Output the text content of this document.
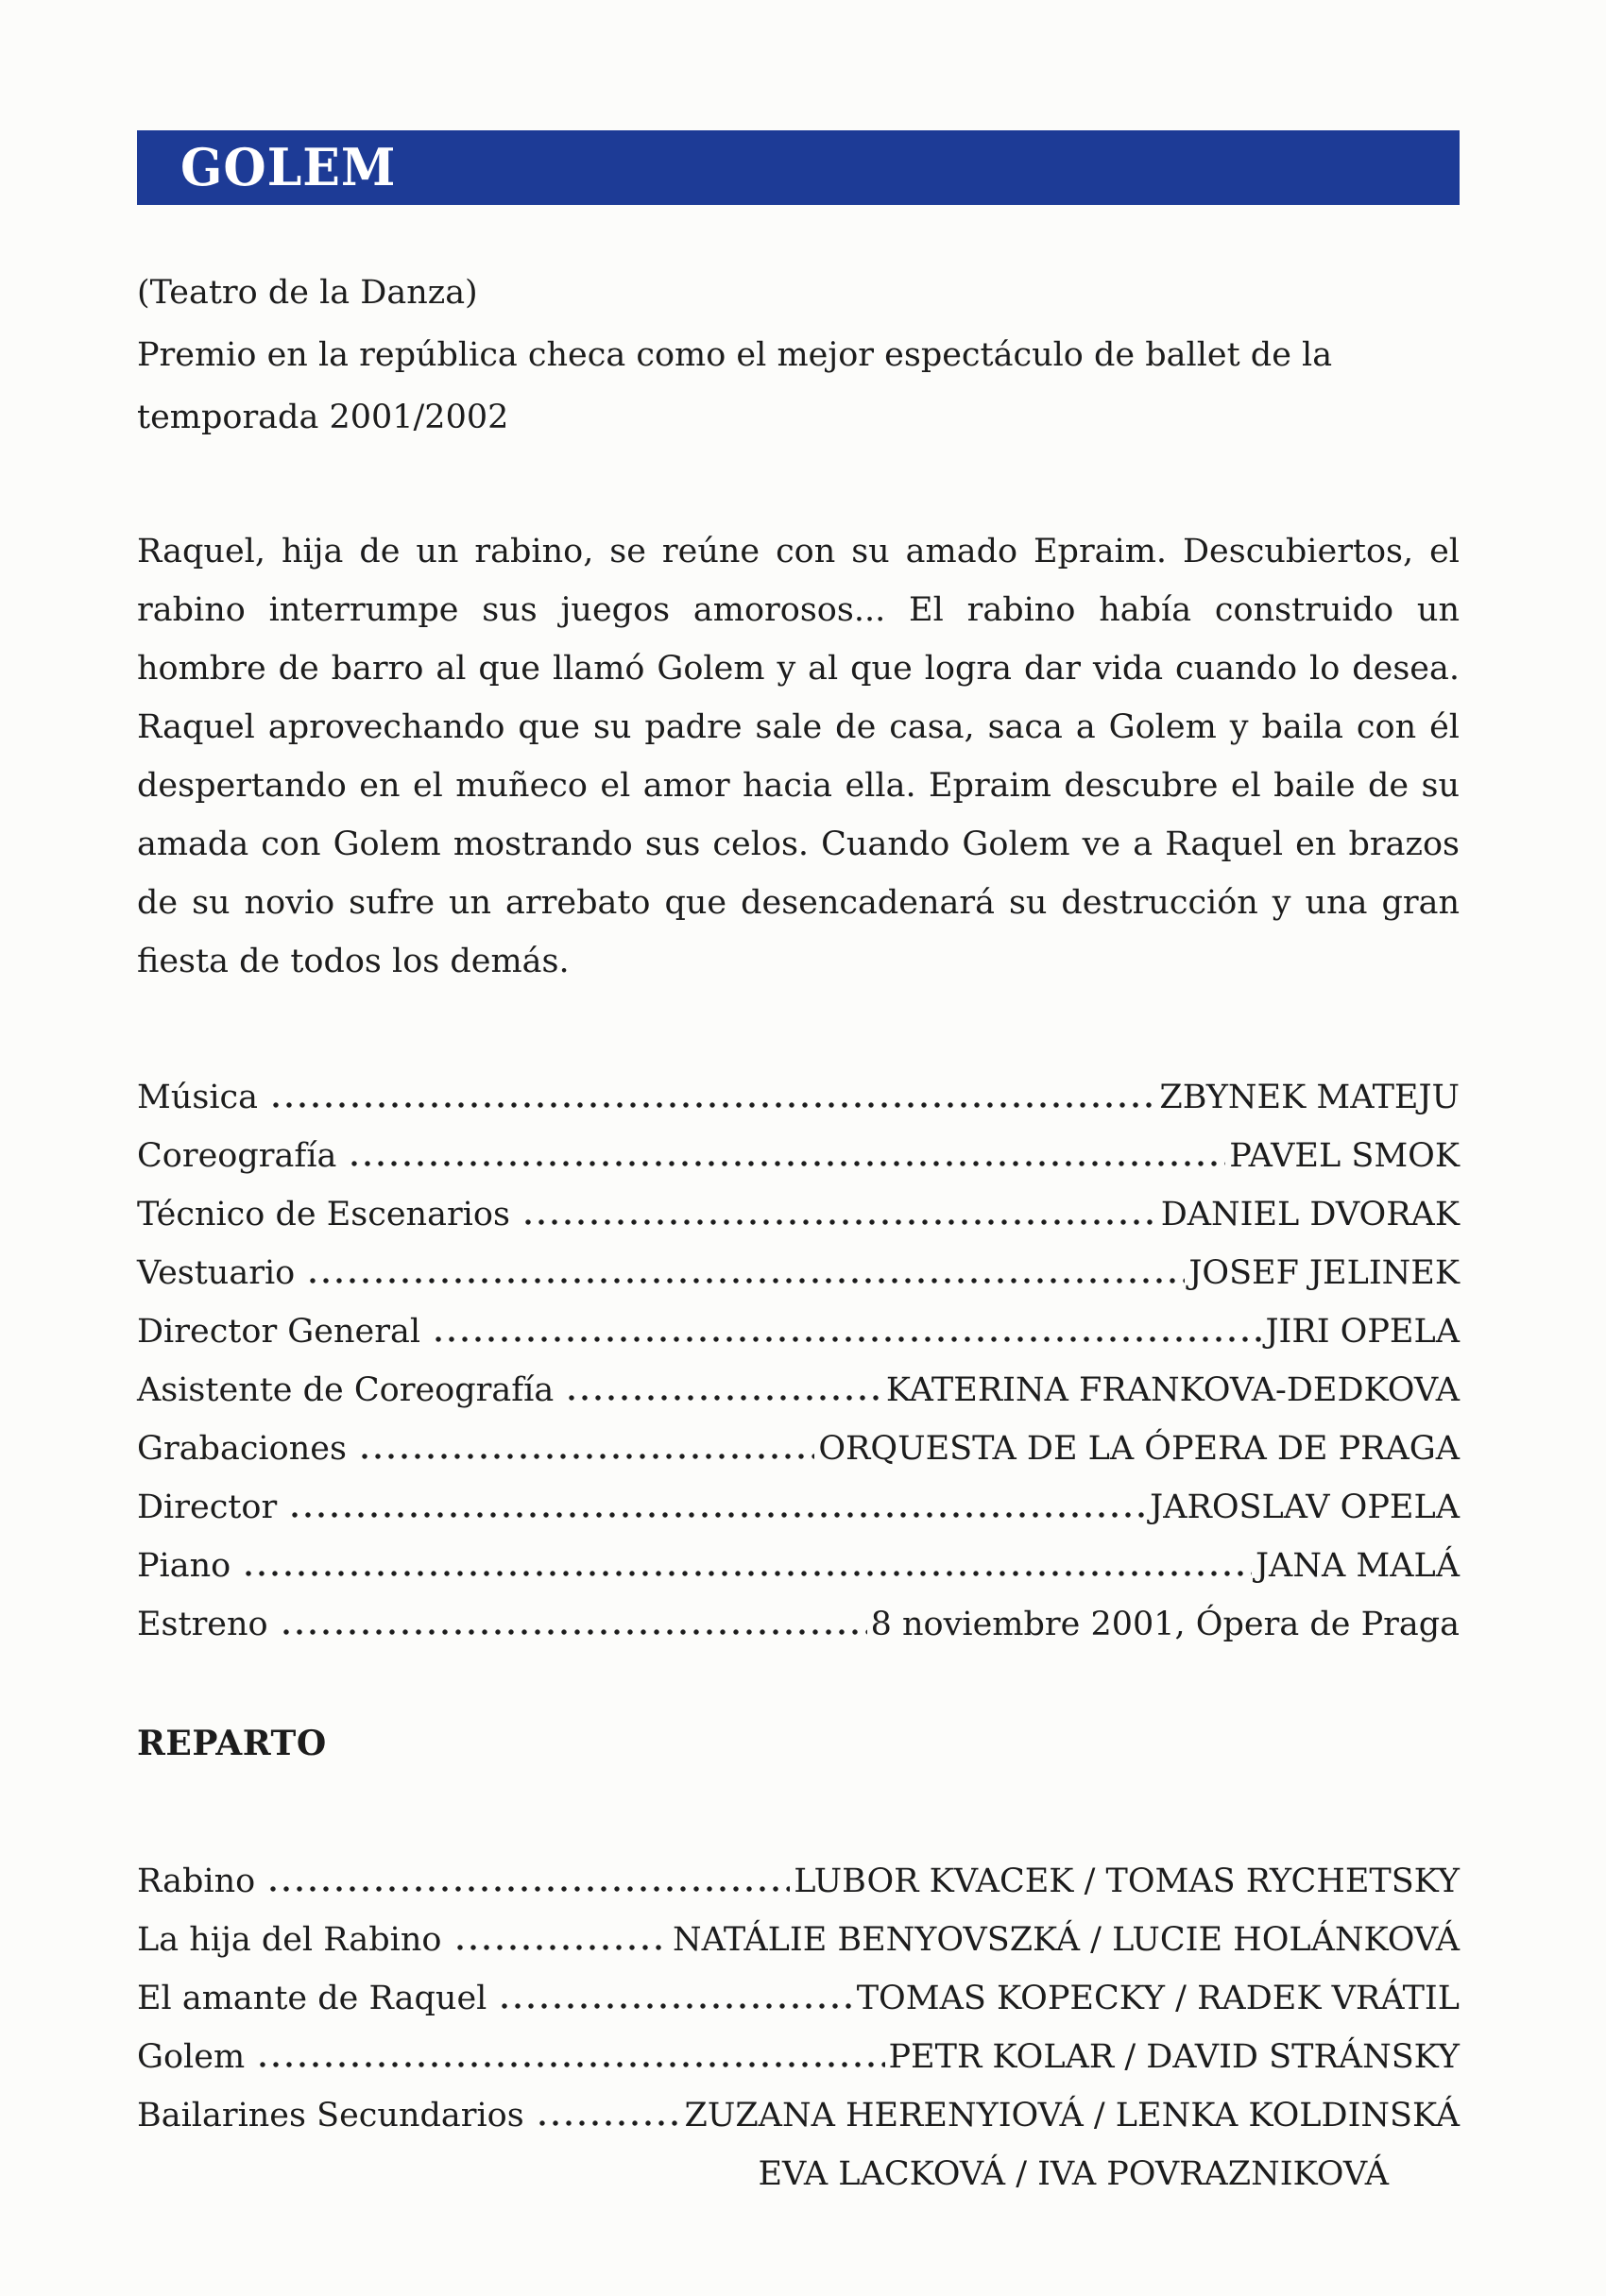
GOLEM
(Teatro de la Danza)
Premio en la república checa como el mejor espectáculo de ballet de la temporada 2001/2002
Raquel, hija de un rabino, se reúne con su amado Epraim. Descubiertos, el rabino interrumpe sus juegos amorosos... El rabino había construido un hombre de barro al que llamó Golem y al que logra dar vida cuando lo desea. Raquel aprovechando que su padre sale de casa, saca a Golem y baila con él despertando en el muñeco el amor hacia ella. Epraim descubre el baile de su amada con Golem mostrando sus celos. Cuando Golem ve a Raquel en brazos de su novio sufre un arrebato que desencadenará su destrucción y una gran fiesta de todos los demás.
Música	ZBYNEK MATEJU
Coreografía	PAVEL SMOK
Técnico de Escenarios	DANIEL DVORAK
Vestuario	JOSEF JELINEK
Director General	JIRI OPELA
Asistente de Coreografía	KATERINA FRANKOVA-DEDKOVA
Grabaciones	ORQUESTA DE LA ÓPERA DE PRAGA
Director	JAROSLAV OPELA
Piano	JANA MALÁ
Estreno	8 noviembre 2001, Ópera de Praga
REPARTO
Rabino	LUBOR KVACEK / TOMAS RYCHETSKY
La hija del Rabino	NATÁLIE BENYOVSZKÁ / LUCIE HOLÁNKOVÁ
El amante de Raquel	TOMAS KOPECKY / RADEK VRÁTIL
Golem	PETR KOLAR / DAVID STRÁNSKY
Bailarines Secundarios	ZUZANA HERENYIOVÁ / LENKA KOLDINSKÁ
EVA LACKOVÁ / IVA POVRAZNIKOVÁ
